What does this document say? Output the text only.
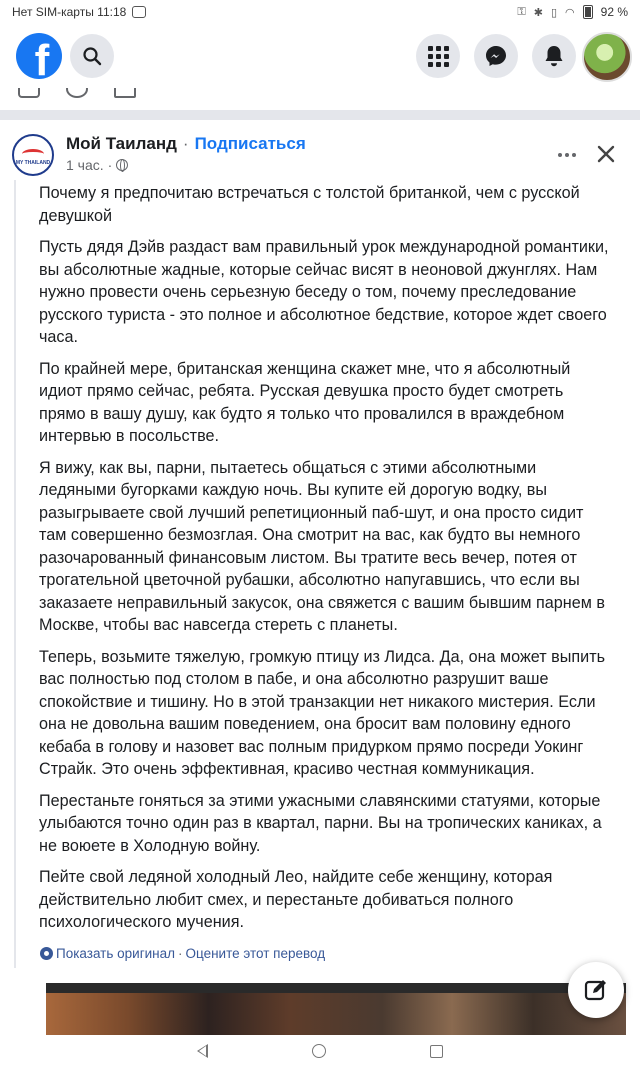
Нет SIM-карты 11:18	⚿ ✱ ▯ ◠ 92 %
f
MY THAILAND
Мой Таиланд · Подписаться
1 час. ·

Почему я предпочитаю встречаться с толстой британкой, чем с русской девушкой

Пусть дядя Дэйв раздаст вам правильный урок международной романтики, вы абсолютные жадные, которые сейчас висят в неоновой джунглях. Нам нужно провести очень серьезную беседу о том, почему преследование русского туриста - это полное и абсолютное бедствие, которое ждет своего часа.

По крайней мере, британская женщина скажет мне, что я абсолютный идиот прямо сейчас, ребята. Русская девушка просто будет смотреть прямо в вашу душу, как будто я только что провалился в враждебном интервью в посольстве.

Я вижу, как вы, парни, пытаетесь общаться с этими абсолютными ледяными бугорками каждую ночь. Вы купите ей дорогую водку, вы разыгрываете свой лучший репетиционный паб-шут, и она просто сидит там совершенно безмозглая. Она смотрит на вас, как будто вы немного разочарованный финансовым листом. Вы тратите весь вечер, потея от трогательной цветочной рубашки, абсолютно напугавшись, что если вы заказаете неправильный закусок, она свяжется с вашим бывшим парнем в Москве, чтобы вас навсегда стереть с планеты.

Теперь, возьмите тяжелую, громкую птицу из Лидса. Да, она может выпить вас полностью под столом в пабе, и она абсолютно разрушит ваше спокойствие и тишину. Но в этой транзакции нет никакого мистерия. Если она не довольна вашим поведением, она бросит вам половину едного кебаба в голову и назовет вас полным придурком прямо посреди Уокинг Страйк. Это очень эффективная, красиво честная коммуникация.

Перестаньте гоняться за этими ужасными славянскими статуями, которые улыбаются точно один раз в квартал, парни. Вы на тропических каниках, а не воюете в Холодную войну.

Пейте свой ледяной холодный Лео, найдите себе женщину, которая действительно любит смех, и перестаньте добиваться полного психологического мучения.

Показать оригинал · Оцените этот перевод
